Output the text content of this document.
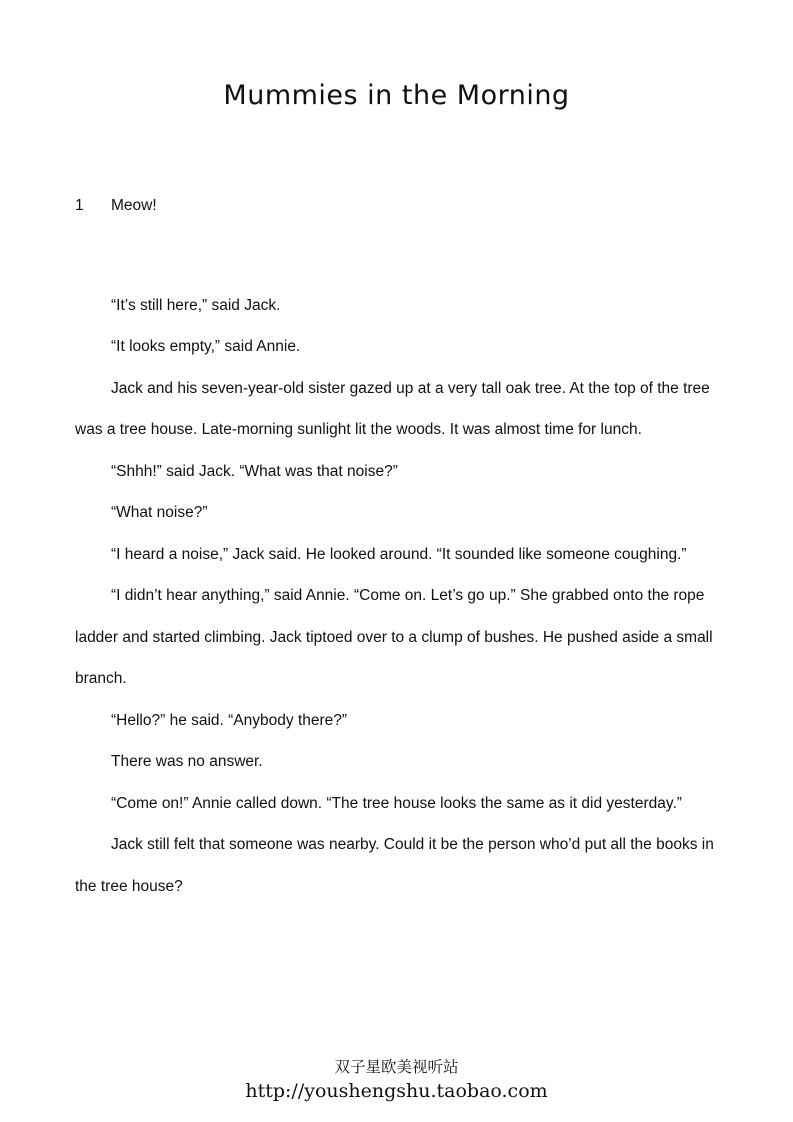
Mummies in the Morning
1 Meow!

“It’s still here,” said Jack.

“It looks empty,” said Annie.

Jack and his seven-year-old sister gazed up at a very tall oak tree. At the top of the tree was a tree house. Late-morning sunlight lit the woods. It was almost time for lunch.

“Shhh!” said Jack. “What was that noise?”

“What noise?”

“I heard a noise,” Jack said. He looked around. “It sounded like someone coughing.”

“I didn’t hear anything,” said Annie. “Come on. Let’s go up.” She grabbed onto the rope ladder and started climbing. Jack tiptoed over to a clump of bushes. He pushed aside a small branch.

“Hello?” he said. “Anybody there?”

There was no answer.

“Come on!” Annie called down. “The tree house looks the same as it did yesterday.”

Jack still felt that someone was nearby. Could it be the person who’d put all the books in the tree house?

双子星欧美视听站
http://youshengshu.taobao.com
